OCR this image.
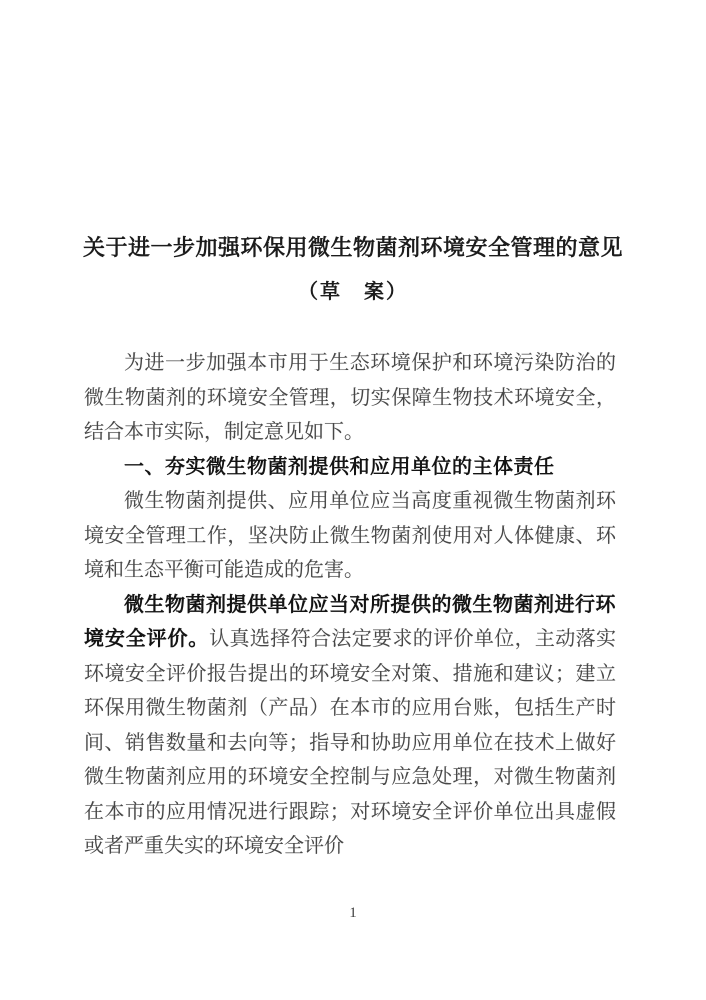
关于进一步加强环保用微生物菌剂环境安全管理的意见
（草　案）

为进一步加强本市用于生态环境保护和环境污染防治的微生物菌剂的环境安全管理，切实保障生物技术环境安全，结合本市实际，制定意见如下。

一、夯实微生物菌剂提供和应用单位的主体责任

微生物菌剂提供、应用单位应当高度重视微生物菌剂环境安全管理工作，坚决防止微生物菌剂使用对人体健康、环境和生态平衡可能造成的危害。

微生物菌剂提供单位应当对所提供的微生物菌剂进行环境安全评价。认真选择符合法定要求的评价单位，主动落实环境安全评价报告提出的环境安全对策、措施和建议；建立环保用微生物菌剂（产品）在本市的应用台账，包括生产时间、销售数量和去向等；指导和协助应用单位在技术上做好微生物菌剂应用的环境安全控制与应急处理，对微生物菌剂在本市的应用情况进行跟踪；对环境安全评价单位出具虚假或者严重失实的环境安全评价

1
